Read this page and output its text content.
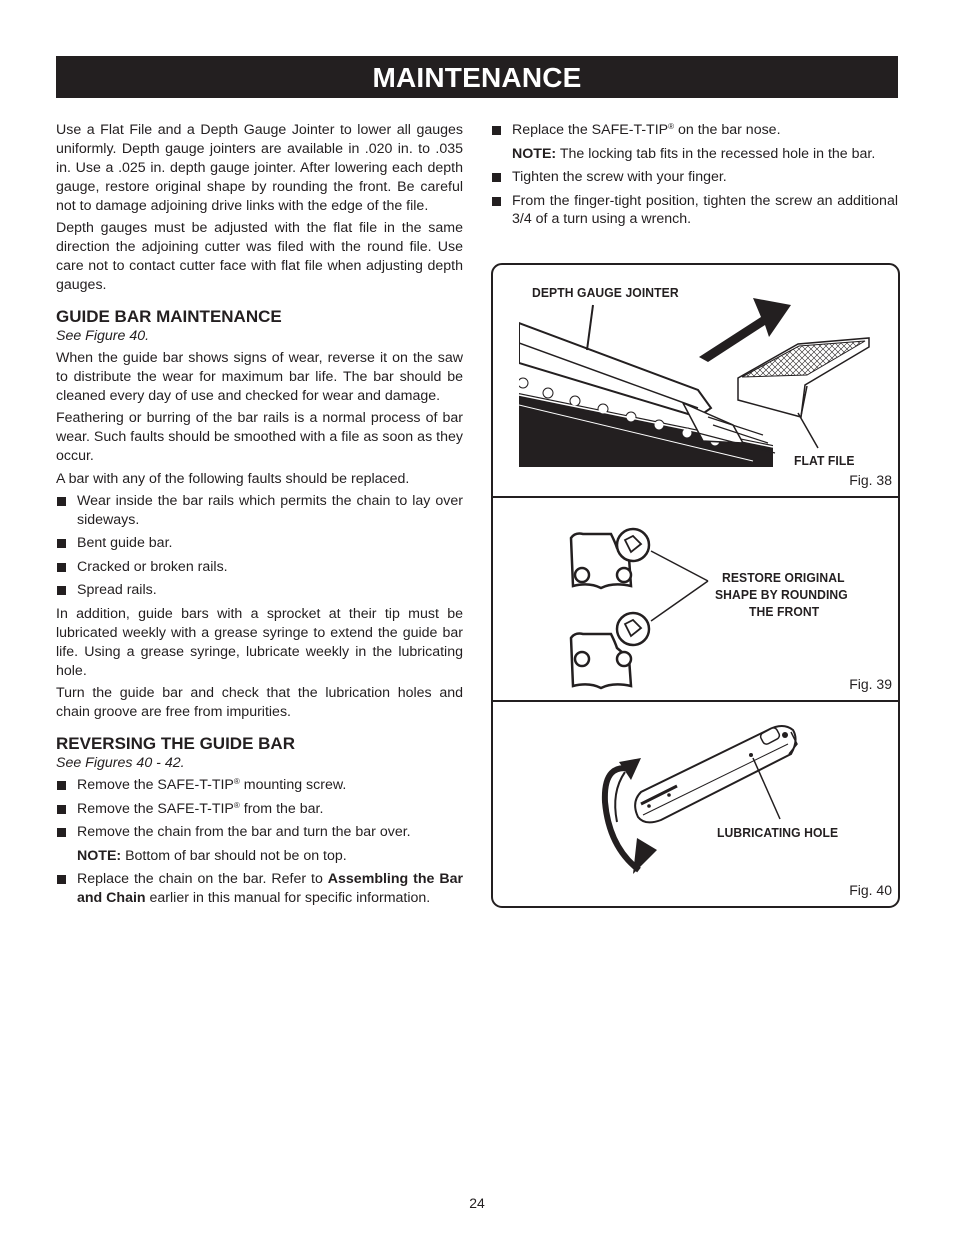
MAINTENANCE

Use a Flat File and a Depth Gauge Jointer to lower all gauges uniformly. Depth gauge jointers are available in .020 in. to .035 in. Use a .025 in. depth gauge jointer. After lowering each depth gauge, restore original shape by rounding the front. Be careful not to damage adjoining drive links with the edge of the file.

Depth gauges must be adjusted with the flat file in the same direction the adjoining cutter was filed with the round file. Use care not to contact cutter face with flat file when adjusting depth gauges.

GUIDE BAR MAINTENANCE
See Figure 40.

When the guide bar shows signs of wear, reverse it on the saw to distribute the wear for maximum bar life. The bar should be cleaned every day of use and checked for wear and damage.

Feathering or burring of the bar rails is a normal process of bar wear. Such faults should be smoothed with a file as soon as they occur.

A bar with any of the following faults should be replaced.

Wear inside the bar rails which permits the chain to lay over sideways.
Bent guide bar.
Cracked or broken rails.
Spread rails.

In addition, guide bars with a sprocket at their tip must be lubricated weekly with a grease syringe to extend the guide bar life. Using a grease syringe, lubricate weekly in the lubricating hole.

Turn the guide bar and check that the lubrication holes and chain groove are free from impurities.

REVERSING THE GUIDE BAR
See Figures 40 - 42.
Remove the SAFE-T-TIP® mounting screw.
Remove the SAFE-T-TIP® from the bar.
Remove the chain from the bar and turn the bar over.
NOTE: Bottom of bar should not be on top.
Replace the chain on the bar. Refer to Assembling the Bar and Chain earlier in this manual for specific information.
Replace the SAFE-T-TIP® on the bar nose.
NOTE: The locking tab fits in the recessed hole in the bar.
Tighten the screw with your finger.
From the finger-tight position, tighten the screw an additional 3/4 of a turn using a wrench.
DEPTH GAUGE JOINTER
FLAT FILE
Fig. 38
RESTORE ORIGINAL
SHAPE BY ROUNDING
THE FRONT
Fig. 39
LUBRICATING HOLE
Fig. 40
24
